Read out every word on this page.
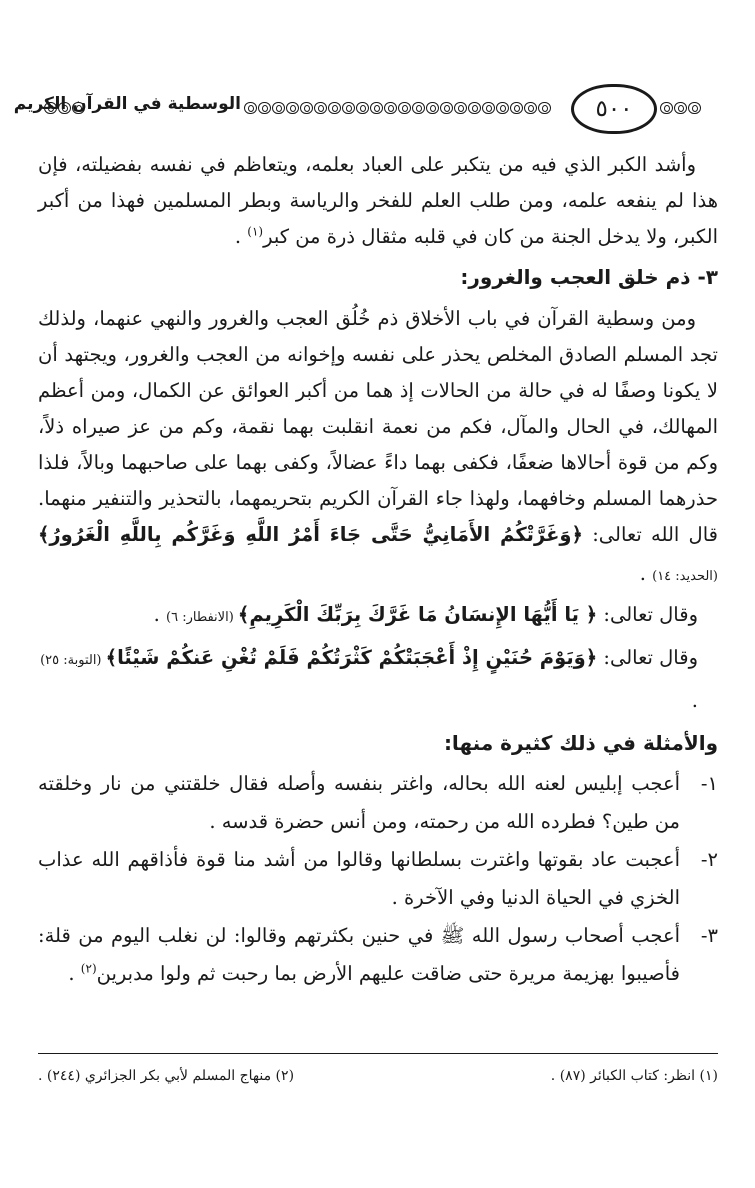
الوسطية في القرآن الكريم	٥٠٠

وأشد الكبر الذي فيه من يتكبر على العباد بعلمه، ويتعاظم في نفسه بفضيلته، فإن هذا لم ينفعه علمه، ومن طلب العلم للفخر والرياسة وبطر المسلمين فهذا من أكبر الكبر، ولا يدخل الجنة من كان في قلبه مثقال ذرة من كبر$^{(١)}$ .

٣- ذم خلق العجب والغرور:

ومن وسطية القرآن في باب الأخلاق ذم خُلُق العجب والغرور والنهي عنهما، ولذلك تجد المسلم الصادق المخلص يحذر على نفسه وإخوانه من العجب والغرور، ويجتهد أن لا يكونا وصفًا له في حالة من الحالات إذ هما من أكبر العوائق عن الكمال، ومن أعظم المهالك، في الحال والمآل، فكم من نعمة انقلبت بهما نقمة، وكم من عز صيراه ذلاً، وكم من قوة أحالاها ضعفًا، فكفى بهما داءً عضالاً، وكفى بهما على صاحبهما وبالاً، فلذا حذرهما المسلم وخافهما، ولهذا جاء القرآن الكريم بتحريمهما، بالتحذير والتنفير منهما. قال الله تعالى: ﴿وَغَرَّتْكُمُ الأَمَانِيُّ حَتَّى جَاءَ أَمْرُ اللَّهِ وَغَرَّكُم بِاللَّهِ الْغَرُورُ﴾ (الحديد: ١٤) .

وقال تعالى: ﴿ يَا أَيُّهَا الإِنسَانُ مَا غَرَّكَ بِرَبِّكَ الْكَرِيمِ﴾ (الانفطار: ٦) .

وقال تعالى: ﴿وَيَوْمَ حُنَيْنٍ إِذْ أَعْجَبَتْكُمْ كَثْرَتُكُمْ فَلَمْ تُغْنِ عَنكُمْ شَيْئًا﴾ (التوبة: ٢٥) .

والأمثلة في ذلك كثيرة منها:

١-
أعجب إبليس لعنه الله بحاله، واغتر بنفسه وأصله فقال خلقتني من نار وخلقته من طين؟ فطرده الله من رحمته، ومن أنس حضرة قدسه .
٢-
أعجبت عاد بقوتها واغترت بسلطانها وقالوا من أشد منا قوة فأذاقهم الله عذاب الخزي في الحياة الدنيا وفي الآخرة .
٣-
أعجب أصحاب رسول الله ﷺ في حنين بكثرتهم وقالوا: لن نغلب اليوم من قلة: فأصيبوا بهزيمة مريرة حتى ضاقت عليهم الأرض بما رحبت ثم ولوا مدبرين$^{(٢)}$ .
(١) انظر: كتاب الكبائر (٨٧) .
(٢) منهاج المسلم لأبي بكر الجزائري (٢٤٤) .
